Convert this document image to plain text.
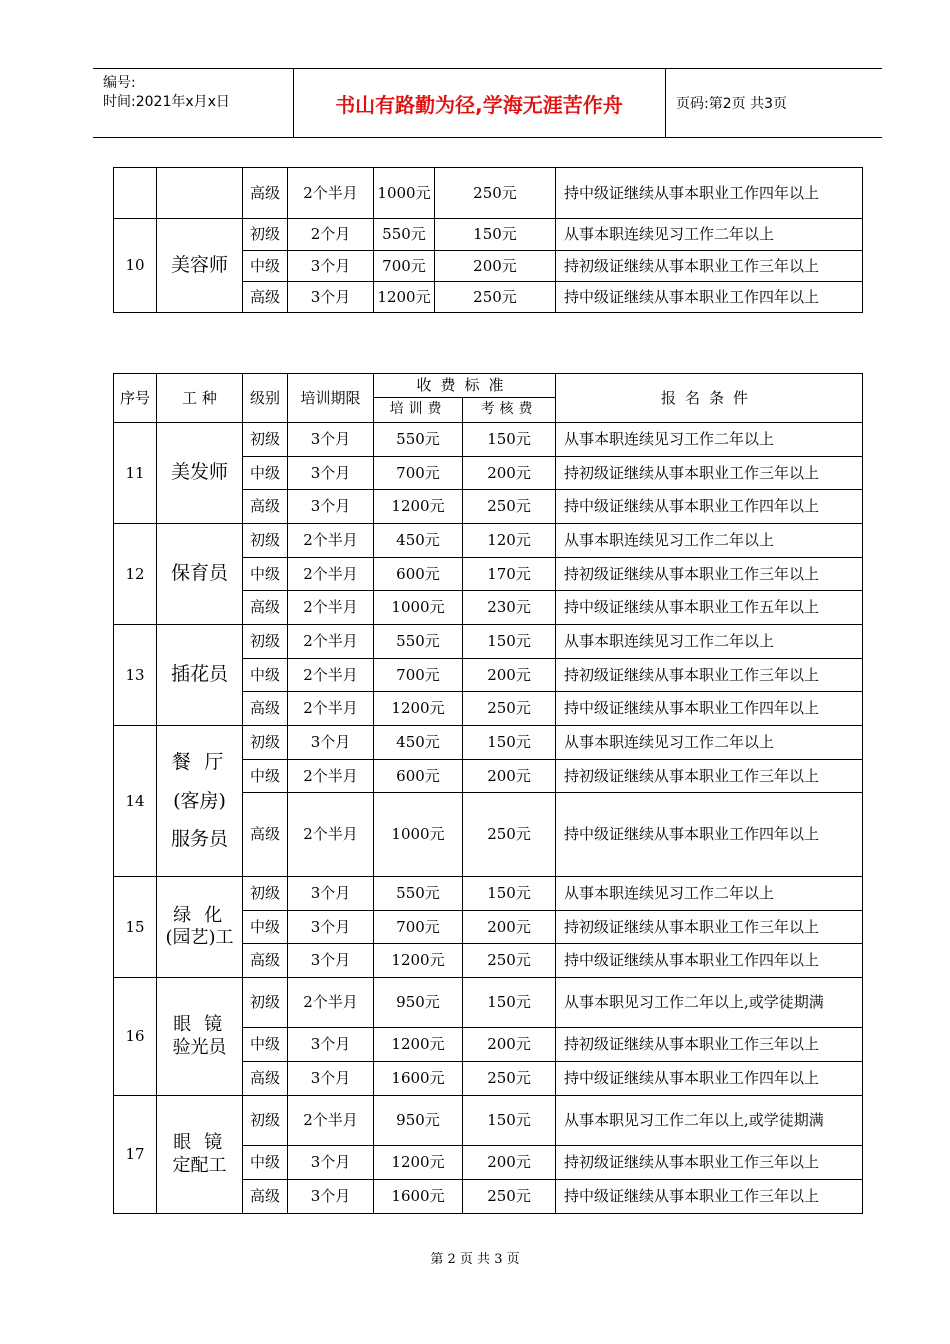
编号:
时间:2021年x月x日	书山有路勤为径,学海无涯苦作舟	页码:第2页 共3页
		高级	2个半月	1000元	250元	持中级证继续从事本职业工作四年以上
10	美容师	初级	2个月	550元	150元	从事本职连续见习工作二年以上
		中级	3个月	700元	200元	持初级证继续从事本职业工作三年以上
		高级	3个月	1200元	250元	持中级证继续从事本职业工作四年以上
序号	工 种	级别	培训期限	收费标准		报名条件
				培训费	考核费	
11	美发师	初级	3个月	550元	150元	从事本职连续见习工作二年以上
		中级	3个月	700元	200元	持初级证继续从事本职业工作三年以上
		高级	3个月	1200元	250元	持中级证继续从事本职业工作四年以上
12	保育员	初级	2个半月	450元	120元	从事本职连续见习工作二年以上
		中级	2个半月	600元	170元	持初级证继续从事本职业工作三年以上
		高级	2个半月	1000元	230元	持中级证继续从事本职业工作五年以上
13	插花员	初级	2个半月	550元	150元	从事本职连续见习工作二年以上
		中级	2个半月	700元	200元	持初级证继续从事本职业工作三年以上
		高级	2个半月	1200元	250元	持中级证继续从事本职业工作四年以上
14	餐 厅
(客房)
服务员	初级	3个月	450元	150元	从事本职连续见习工作二年以上
		中级	2个半月	600元	200元	持初级证继续从事本职业工作三年以上
		高级	2个半月	1000元	250元	持中级证继续从事本职业工作四年以上
15	绿 化
(园艺)工	初级	3个月	550元	150元	从事本职连续见习工作二年以上
		中级	3个月	700元	200元	持初级证继续从事本职业工作三年以上
		高级	3个月	1200元	250元	持中级证继续从事本职业工作四年以上
16	眼 镜
验光员	初级	2个半月	950元	150元	从事本职见习工作二年以上,或学徒期满
		中级	3个月	1200元	200元	持初级证继续从事本职业工作三年以上
		高级	3个月	1600元	250元	持中级证继续从事本职业工作四年以上
17	眼 镜
定配工	初级	2个半月	950元	150元	从事本职见习工作二年以上,或学徒期满
		中级	3个月	1200元	200元	持初级证继续从事本职业工作三年以上
		高级	3个月	1600元	250元	持中级证继续从事本职业工作三年以上
第 2 页 共 3 页
